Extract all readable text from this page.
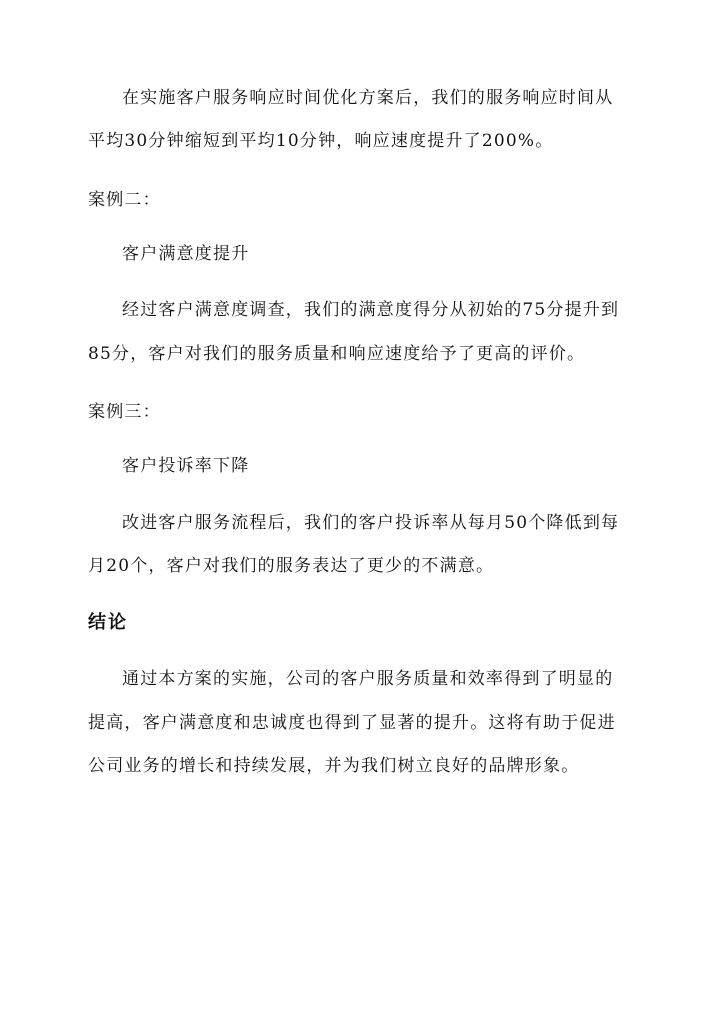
在实施客户服务响应时间优化方案后，我们的服务响应时间从
平均30分钟缩短到平均10分钟，响应速度提升了200%。
案例二：
客户满意度提升
经过客户满意度调查，我们的满意度得分从初始的75分提升到
85分，客户对我们的服务质量和响应速度给予了更高的评价。
案例三：
客户投诉率下降
改进客户服务流程后，我们的客户投诉率从每月50个降低到每
月20个，客户对我们的服务表达了更少的不满意。
结论
通过本方案的实施，公司的客户服务质量和效率得到了明显的
提高，客户满意度和忠诚度也得到了显著的提升。这将有助于促进
公司业务的增长和持续发展，并为我们树立良好的品牌形象。
